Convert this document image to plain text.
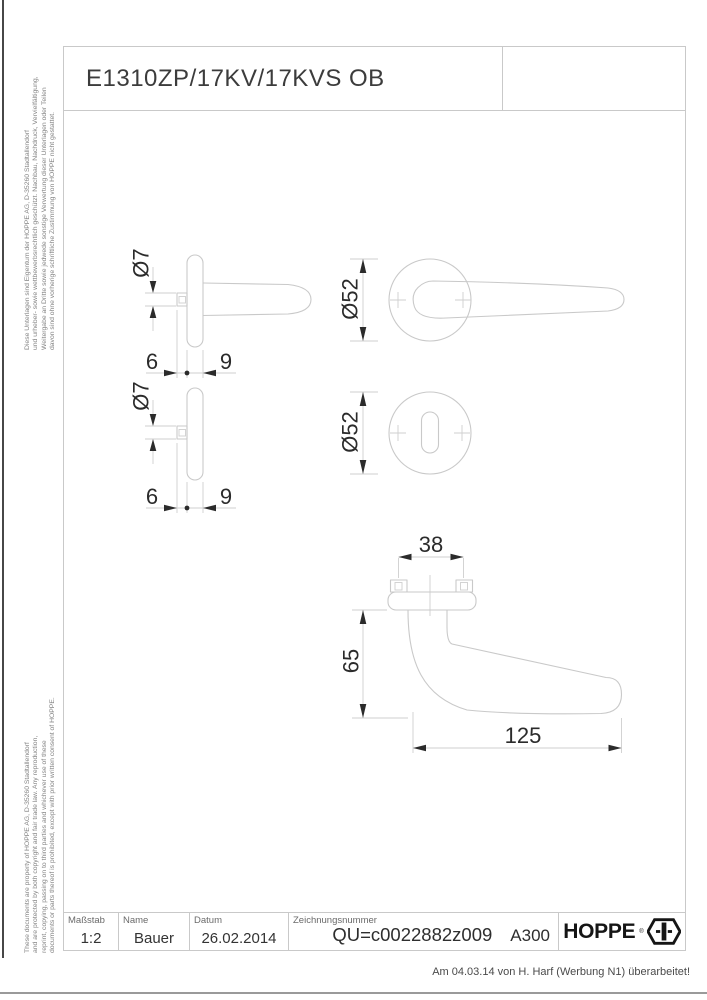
Diese Unterlagen sind Eigentum der HOPPE AG, D-35260 Stadtallendorf und urheber- sowie wettbewerbsrechtlich geschützt. Nachbau, Nachdruck, Vervielfältigung, Weitergabe an Dritte sowie jedwede sonstige Verwertung dieser Unterlagen oder Teilen davon sind ohne vorherige schriftliche Zustimmung von HOPPE nicht gestattet.
These documents are property of HOPPE AG, D-35260 Stadtallendorf and are protected by both copyright and fair trade law. Any reproduction, reprint, copying, passing on to third parties and whichever use of these documents or parts thereof is prohibited, except with prior written consent of HOPPE.
E1310ZP/17KV/17KVS OB
Maßstab
1:2
Name
Bauer
Datum
26.02.2014
Zeichnungsnummer
QU=c0022882z009 A300 HOPPE ®
Ø7
6	9
Ø52
Ø7
6	9
Ø52
38
65
125
Am 04.03.14 von H. Harf (Werbung N1) überarbeitet!
